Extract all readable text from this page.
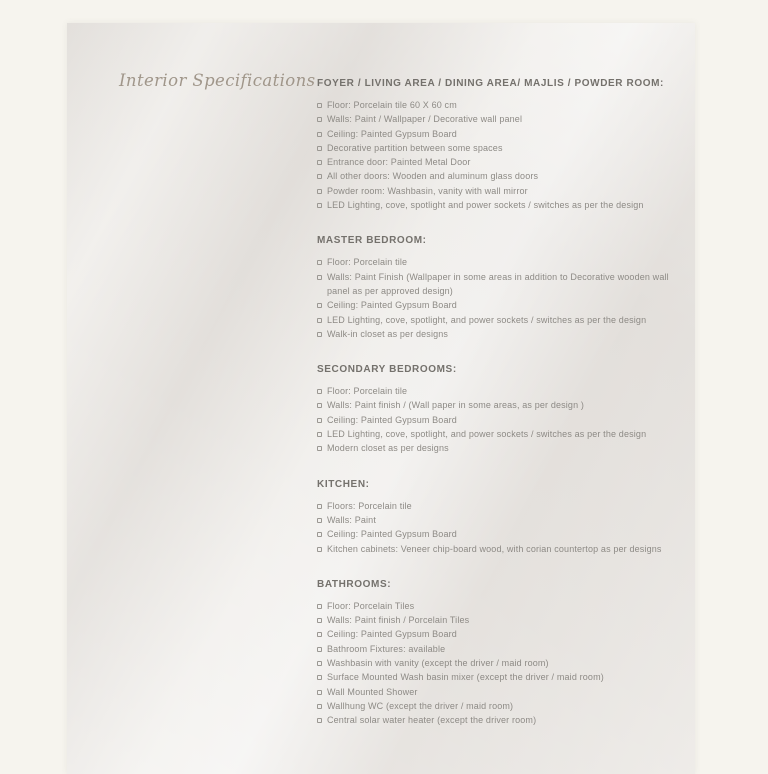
Interior Specifications FOYER / LIVING AREA / DINING AREA/ MAJLIS / POWDER ROOM:
Floor: Porcelain tile 60 X 60 cm
Walls: Paint / Wallpaper / Decorative wall panel
Ceiling: Painted Gypsum Board
Decorative partition between some spaces
Entrance door: Painted Metal Door
All other doors: Wooden and aluminum glass doors
Powder room: Washbasin, vanity with wall mirror
LED Lighting, cove, spotlight and power sockets / switches as per the design
MASTER BEDROOM:
Floor: Porcelain tile
Walls: Paint Finish (Wallpaper in some areas in addition to Decorative wooden wall panel as per approved design)
Ceiling: Painted Gypsum Board
LED Lighting, cove, spotlight, and power sockets / switches as per the design
Walk-in closet as per designs
SECONDARY BEDROOMS:
Floor: Porcelain tile
Walls: Paint finish / (Wall paper in some areas, as per design )
Ceiling: Painted Gypsum Board
LED Lighting, cove, spotlight, and power sockets / switches as per the design
Modern closet as per designs
KITCHEN:
Floors: Porcelain tile
Walls: Paint
Ceiling: Painted Gypsum Board
Kitchen cabinets: Veneer chip-board wood, with corian countertop as per designs
BATHROOMS:
Floor: Porcelain Tiles
Walls: Paint finish / Porcelain Tiles
Ceiling: Painted Gypsum Board
Bathroom Fixtures: available
Washbasin with vanity (except the driver / maid room)
Surface Mounted Wash basin mixer (except the driver / maid room)
Wall Mounted Shower
Wallhung WC (except the driver / maid room)
Central solar water heater (except the driver room)
